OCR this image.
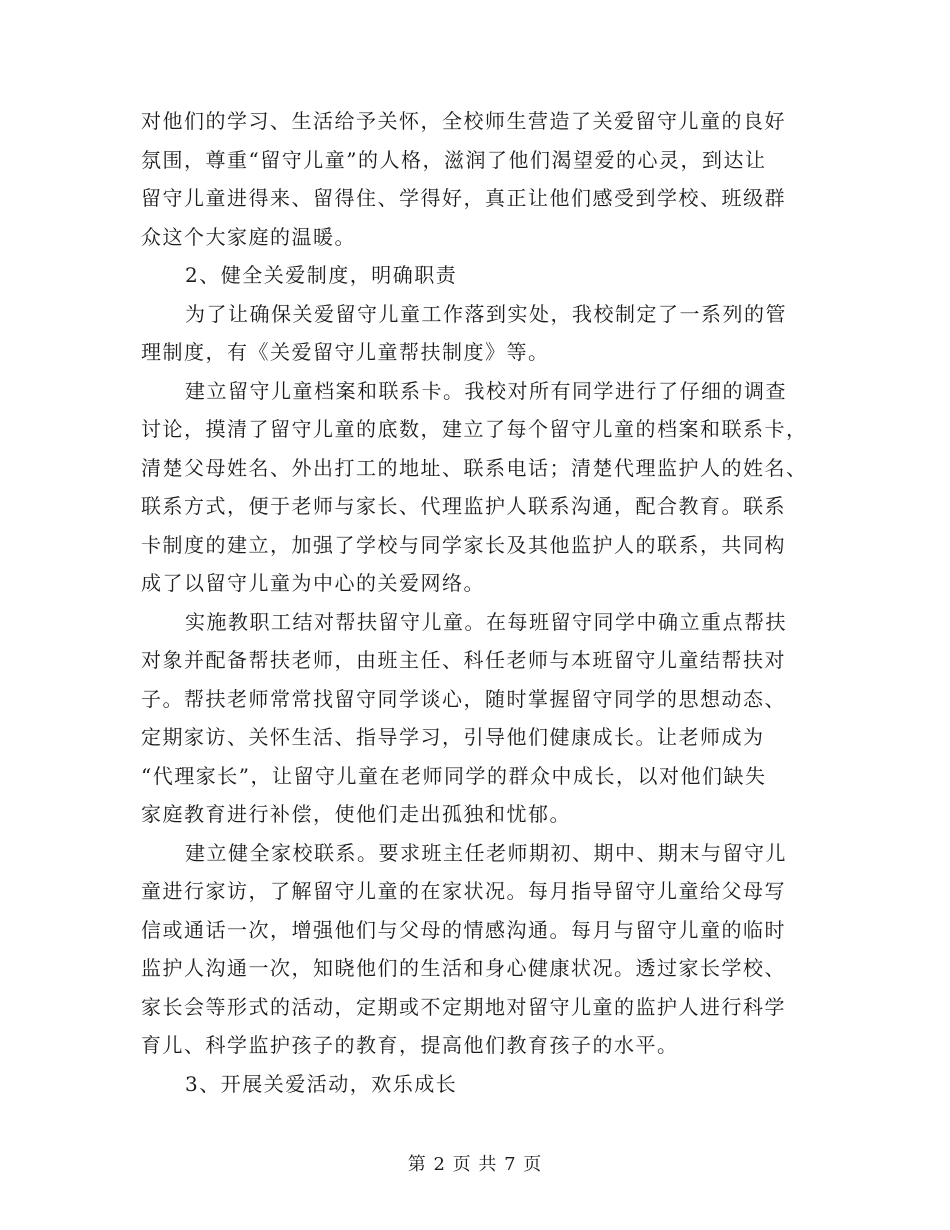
对他们的学习、生活给予关怀，全校师生营造了关爱留守儿童的良好
氛围，尊重“留守儿童”的人格，滋润了他们渴望爱的心灵，到达让
留守儿童进得来、留得住、学得好，真正让他们感受到学校、班级群
众这个大家庭的温暖。
2、健全关爱制度，明确职责
为了让确保关爱留守儿童工作落到实处，我校制定了一系列的管
理制度，有《关爱留守儿童帮扶制度》等。
建立留守儿童档案和联系卡。我校对所有同学进行了仔细的调查
讨论，摸清了留守儿童的底数，建立了每个留守儿童的档案和联系卡，
清楚父母姓名、外出打工的地址、联系电话；清楚代理监护人的姓名、
联系方式，便于老师与家长、代理监护人联系沟通，配合教育。联系
卡制度的建立，加强了学校与同学家长及其他监护人的联系，共同构
成了以留守儿童为中心的关爱网络。
实施教职工结对帮扶留守儿童。在每班留守同学中确立重点帮扶
对象并配备帮扶老师，由班主任、科任老师与本班留守儿童结帮扶对
子。帮扶老师常常找留守同学谈心，随时掌握留守同学的思想动态、
定期家访、关怀生活、指导学习，引导他们健康成长。让老师成为
“代理家长”，让留守儿童在老师同学的群众中成长，以对他们缺失
家庭教育进行补偿，使他们走出孤独和忧郁。
建立健全家校联系。要求班主任老师期初、期中、期末与留守儿
童进行家访，了解留守儿童的在家状况。每月指导留守儿童给父母写
信或通话一次，增强他们与父母的情感沟通。每月与留守儿童的临时
监护人沟通一次，知晓他们的生活和身心健康状况。透过家长学校、
家长会等形式的活动，定期或不定期地对留守儿童的监护人进行科学
育儿、科学监护孩子的教育，提高他们教育孩子的水平。
3、开展关爱活动，欢乐成长
第 2 页 共 7 页
